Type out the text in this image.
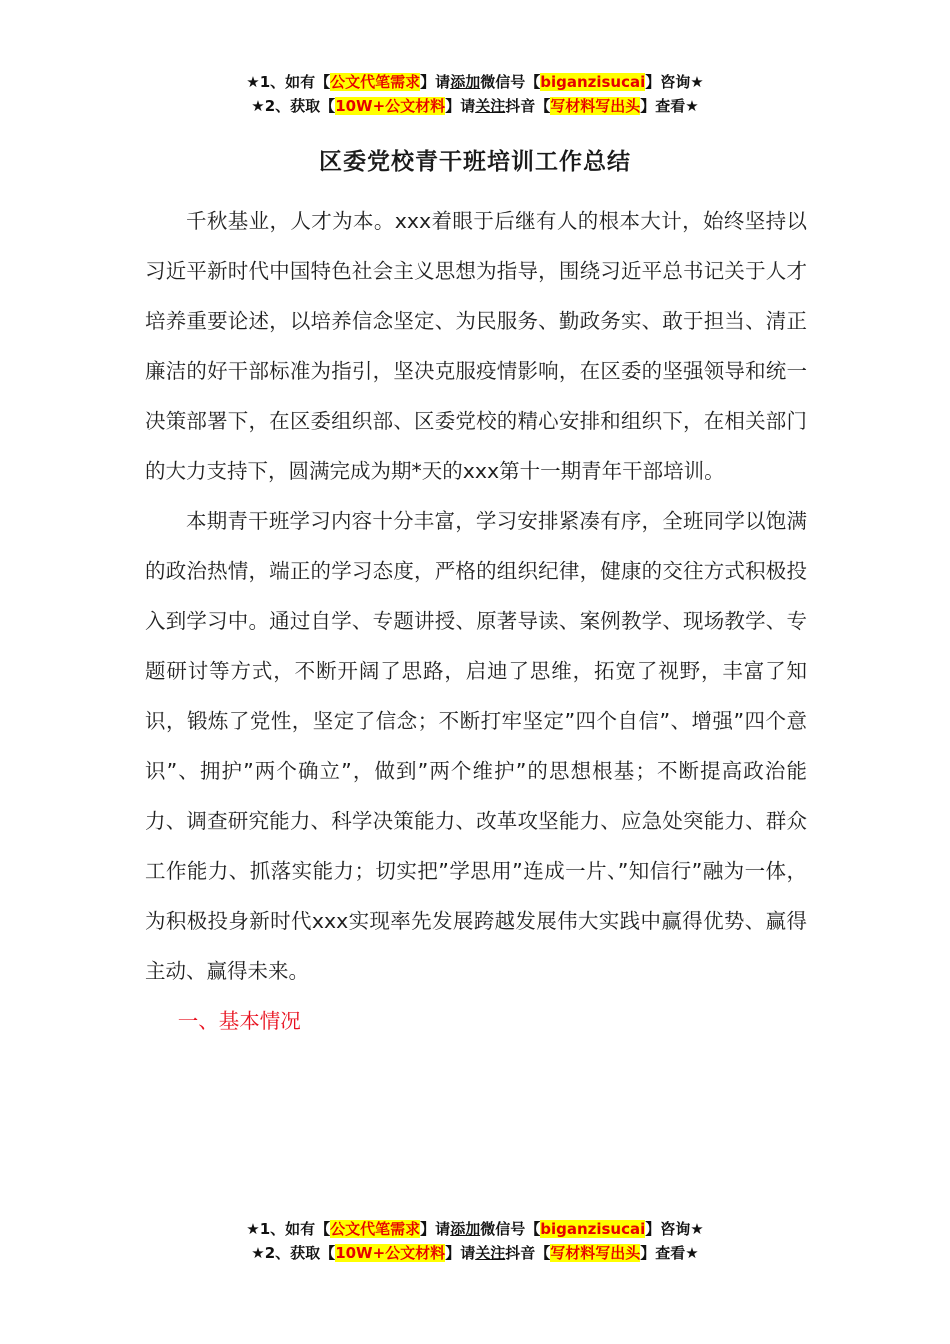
★1、如有【公文代笔需求】请添加微信号【biganzisucai】咨询★
★2、获取【10W+公文材料】请关注抖音【写材料写出头】查看★
区委党校青干班培训工作总结

千秋基业，人才为本。xxx着眼于后继有人的根本大计，始终坚持以习近平新时代中国特色社会主义思想为指导，围绕习近平总书记关于人才培养重要论述，以培养信念坚定、为民服务、勤政务实、敢于担当、清正廉洁的好干部标准为指引，坚决克服疫情影响，在区委的坚强领导和统一决策部署下，在区委组织部、区委党校的精心安排和组织下，在相关部门的大力支持下，圆满完成为期*天的xxx第十一期青年干部培训。

本期青干班学习内容十分丰富，学习安排紧凑有序，全班同学以饱满的政治热情，端正的学习态度，严格的组织纪律，健康的交往方式积极投入到学习中。通过自学、专题讲授、原著导读、案例教学、现场教学、专题研讨等方式，不断开阔了思路，启迪了思维，拓宽了视野，丰富了知识，锻炼了党性，坚定了信念；不断打牢坚定”四个自信”、增强”四个意识”、拥护”两个确立”，做到”两个维护”的思想根基；不断提高政治能力、调查研究能力、科学决策能力、改革攻坚能力、应急处突能力、群众工作能力、抓落实能力；切实把”学思用”连成一片、”知信行”融为一体，为积极投身新时代xxx实现率先发展跨越发展伟大实践中赢得优势、赢得主动、赢得未来。

一、基本情况
★1、如有【公文代笔需求】请添加微信号【biganzisucai】咨询★
★2、获取【10W+公文材料】请关注抖音【写材料写出头】查看★
